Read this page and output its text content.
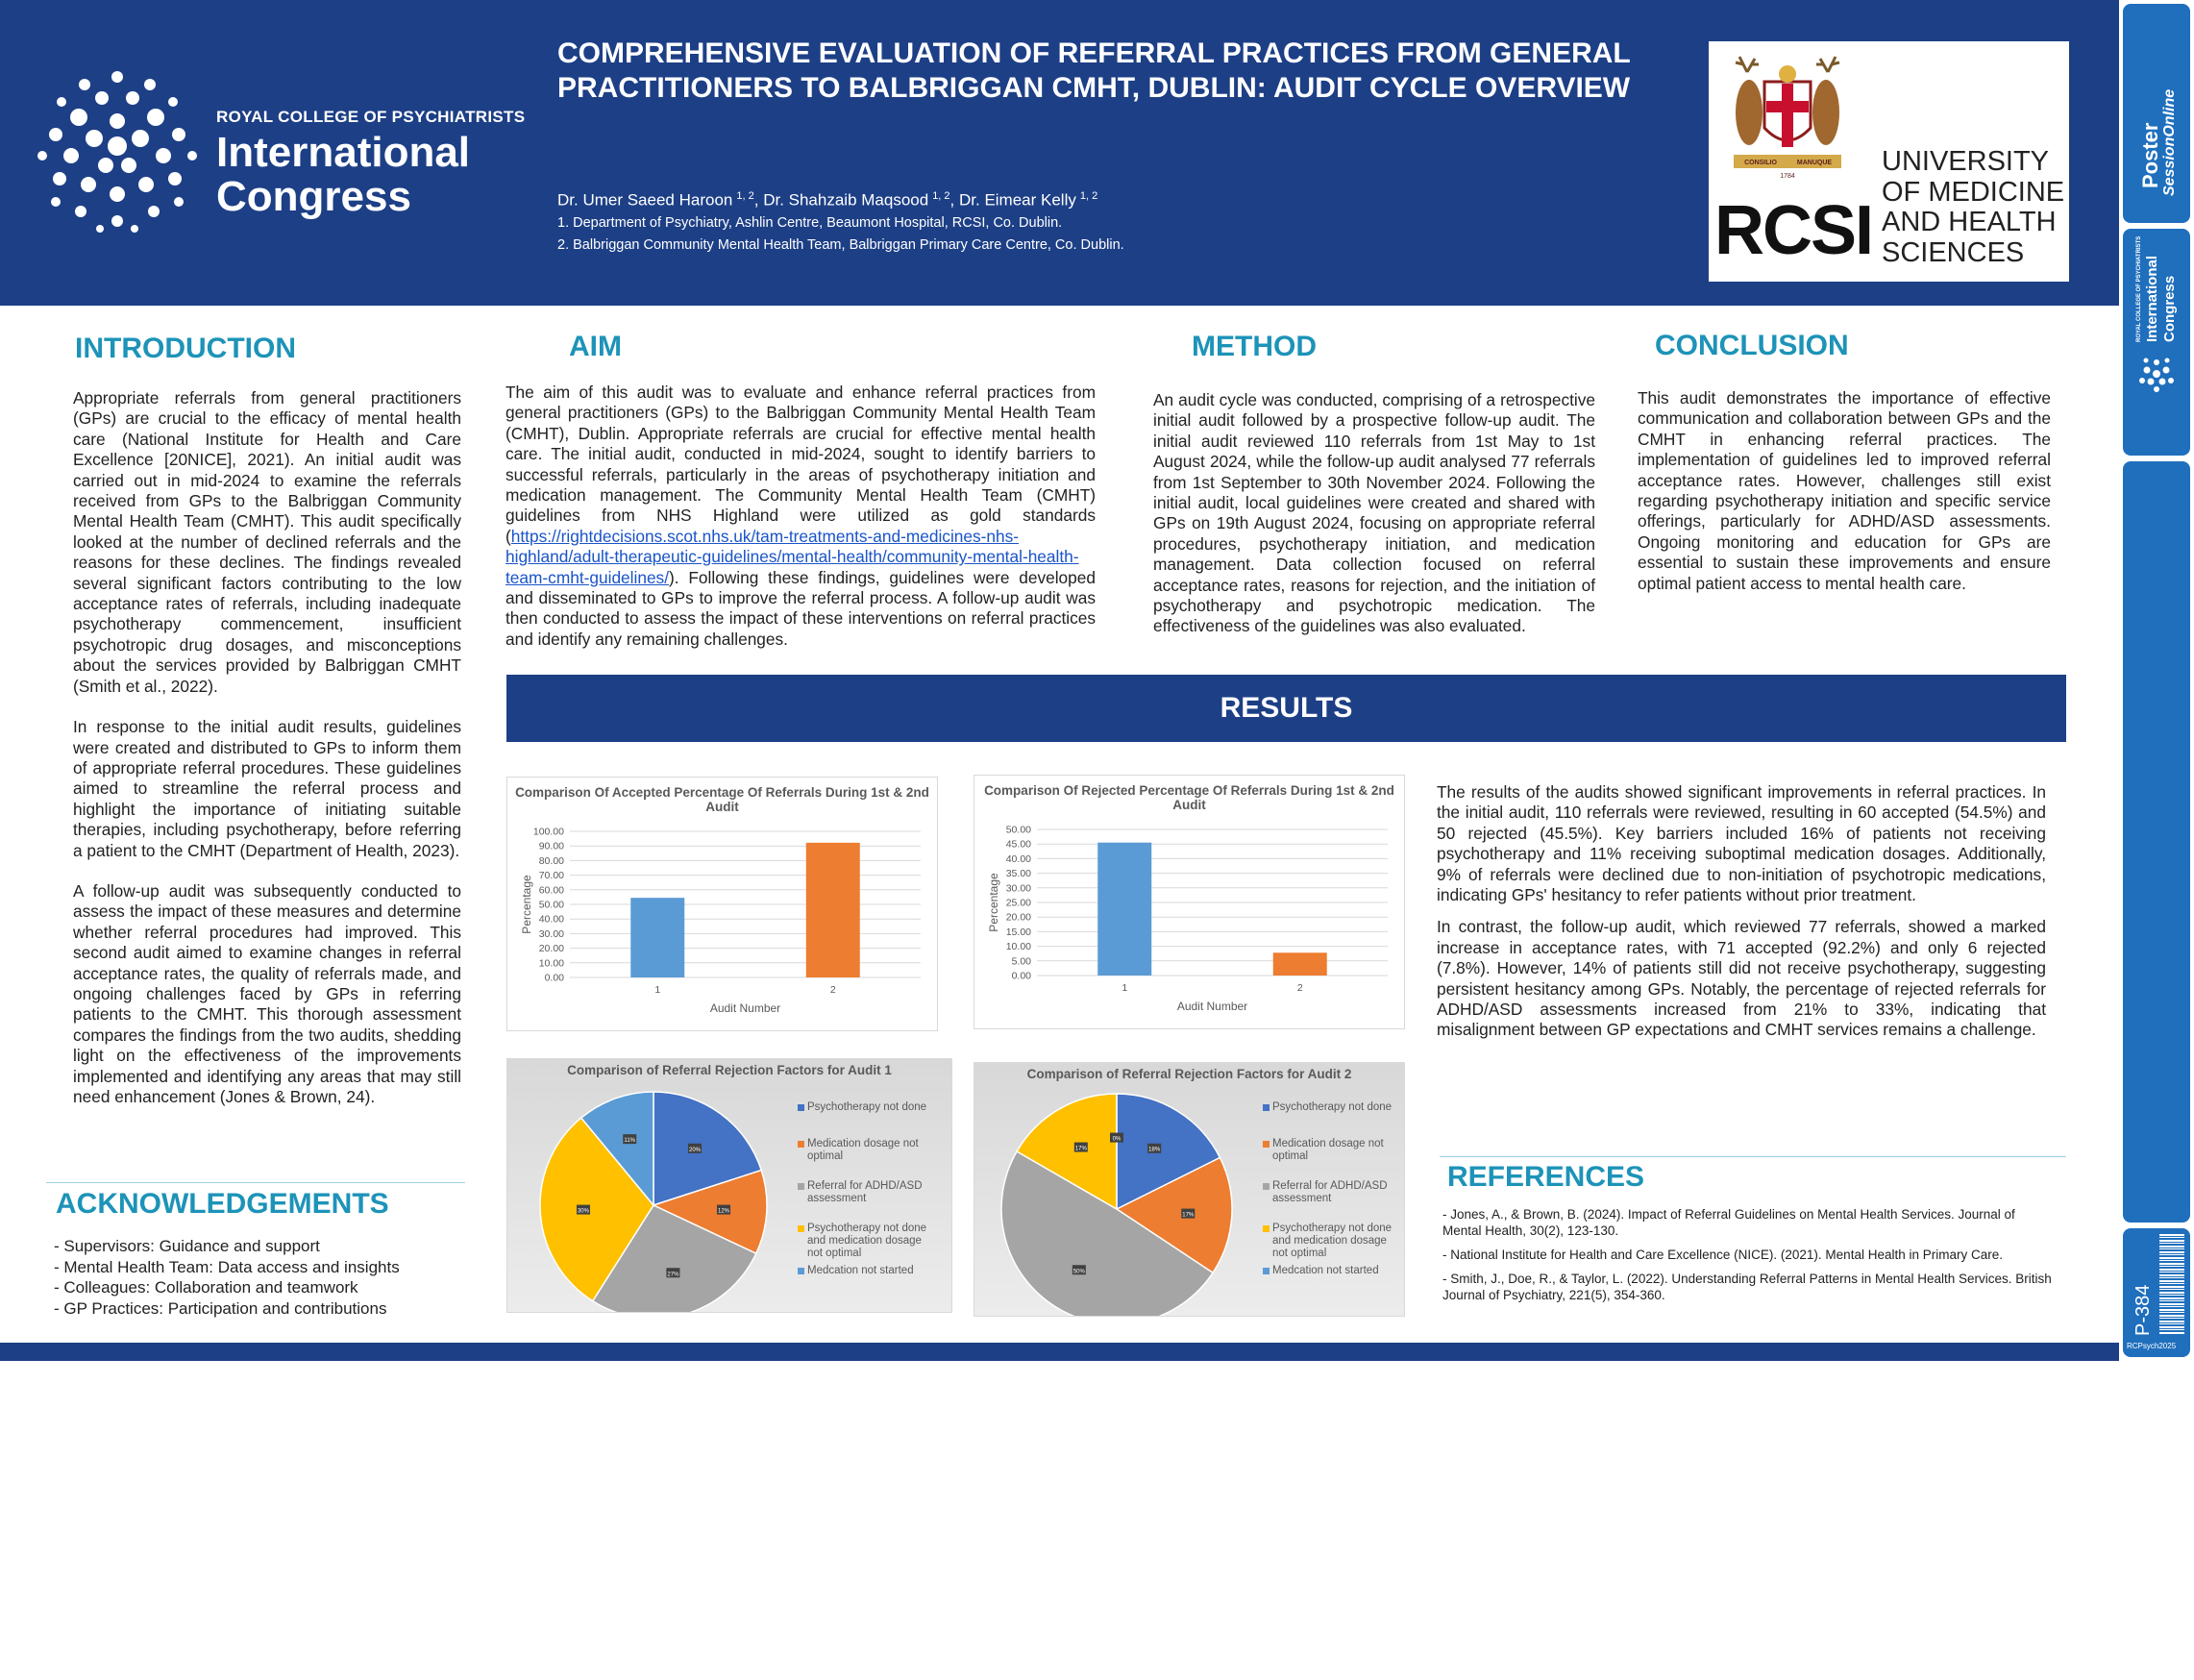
ROYAL COLLEGE OF PSYCHIATRISTS
International
Congress
COMPREHENSIVE EVALUATION OF REFERRAL PRACTICES FROM GENERAL PRACTITIONERS TO BALBRIGGAN CMHT, DUBLIN: AUDIT CYCLE OVERVIEW
Dr. Umer Saeed Haroon $^{1, 2}$, Dr. Shahzaib Maqsood $^{1, 2}$, Dr. Eimear Kelly $^{1, 2}$
1. Department of Psychiatry, Ashlin Centre, Beaumont Hospital, RCSI, Co. Dublin.
2. Balbriggan Community Mental Health Team, Balbriggan Primary Care Centre, Co. Dublin.
CONSILIO	MANUQUE
1784
RCSI
UNIVERSITY
OF MEDICINE
AND HEALTH
SCIENCES
Poster SessionOnline
ROYAL COLLEGE OF PSYCHIATRISTS International Congress
5 Audit Saeed Haroon Umer
P-384
RCPsych2025
INTRODUCTION

Appropriate referrals from general practitioners (GPs) are crucial to the efficacy of mental health care (National Institute for Health and Care Excellence [20NICE], 2021). An initial audit was carried out in mid-2024 to examine the referrals received from GPs to the Balbriggan Community Mental Health Team (CMHT). This audit specifically looked at the number of declined referrals and the reasons for these declines. The findings revealed several significant factors contributing to the low acceptance rates of referrals, including inadequate psychotherapy commencement, insufficient psychotropic drug dosages, and misconceptions about the services provided by Balbriggan CMHT (Smith et al., 2022).

In response to the initial audit results, guidelines were created and distributed to GPs to inform them of appropriate referral procedures. These guidelines aimed to streamline the referral process and highlight the importance of initiating suitable therapies, including psychotherapy, before referring a patient to the CMHT (Department of Health, 2023).

A follow-up audit was subsequently conducted to assess the impact of these measures and determine whether referral procedures had improved. This second audit aimed to examine changes in referral acceptance rates, the quality of referrals made, and ongoing challenges faced by GPs in referring patients to the CMHT. This thorough assessment compares the findings from the two audits, shedding light on the effectiveness of the improvements implemented and identifying any areas that may still need enhancement (Jones & Brown, 24).

ACKNOWLEDGEMENTS
- Supervisors: Guidance and support
- Mental Health Team: Data access and insights
- Colleagues: Collaboration and teamwork
- GP Practices: Participation and contributions
AIM
The aim of this audit was to evaluate and enhance referral practices from general practitioners (GPs) to the Balbriggan Community Mental Health Team (CMHT), Dublin. Appropriate referrals are crucial for effective mental health care. The initial audit, conducted in mid-2024, sought to identify barriers to successful referrals, particularly in the areas of psychotherapy initiation and medication management. The Community Mental Health Team (CMHT) guidelines from NHS Highland were utilized as gold standards (https://rightdecisions.scot.nhs.uk/tam-treatments-and-medicines-nhs-highland/adult-therapeutic-guidelines/mental-health/community-mental-health-team-cmht-guidelines/). Following these findings, guidelines were developed and disseminated to GPs to improve the referral process. A follow-up audit was then conducted to assess the impact of these interventions on referral practices and identify any remaining challenges.
METHOD
An audit cycle was conducted, comprising of a retrospective initial audit followed by a prospective follow-up audit. The initial audit reviewed 110 referrals from 1st May to 1st August 2024, while the follow-up audit analysed 77 referrals from 1st September to 30th November 2024. Following the initial audit, local guidelines were created and shared with GPs on 19th August 2024, focusing on appropriate referral procedures, psychotherapy initiation, and medication management. Data collection focused on referral acceptance rates, reasons for rejection, and the initiation of psychotherapy and psychotropic medication. The effectiveness of the guidelines was also evaluated.
CONCLUSION
This audit demonstrates the importance of effective communication and collaboration between GPs and the CMHT in enhancing referral practices. The implementation of guidelines led to improved referral acceptance rates. However, challenges still exist regarding psychotherapy initiation and specific service offerings, particularly for ADHD/ASD assessments. Ongoing monitoring and education for GPs are essential to sustain these improvements and ensure optimal patient access to mental health care.
RESULTS
Comparison Of Accepted Percentage Of Referrals During 1st & 2nd Audit
100.00
90.00
80.00
70.00
60.00
50.00
40.00
30.00
20.00
10.00
0.00
1	2
Audit Number
Percentage
Comparison Of Rejected Percentage Of Referrals During 1st & 2nd Audit
50.00
45.00
40.00
35.00
30.00
25.00
20.00
15.00
10.00
5.00
0.00
1	2
Audit Number
Percentage
Comparison of Referral Rejection Factors for Audit 1
20%
12%
27%
30%
11%
Psychotherapy not done
Medication dosage not optimal
Referral for ADHD/ASD assessment
Psychotherapy not done and medication dosage not optimal
Medcation not started
Comparison of Referral Rejection Factors for Audit 2
18%
17%
50%
17%
0%
Psychotherapy not done
Medication dosage not optimal
Referral for ADHD/ASD assessment
Psychotherapy not done and medication dosage not optimal
Medcation not started

The results of the audits showed significant improvements in referral practices. In the initial audit, 110 referrals were reviewed, resulting in 60 accepted (54.5%) and 50 rejected (45.5%). Key barriers included 16% of patients not receiving psychotherapy and 11% receiving suboptimal medication dosages. Additionally, 9% of referrals were declined due to non-initiation of psychotropic medications, indicating GPs' hesitancy to refer patients without prior treatment.

In contrast, the follow-up audit, which reviewed 77 referrals, showed a marked increase in acceptance rates, with 71 accepted (92.2%) and only 6 rejected (7.8%). However, 14% of patients still did not receive psychotherapy, suggesting persistent hesitancy among GPs. Notably, the percentage of rejected referrals for ADHD/ASD assessments increased from 21% to 33%, indicating that misalignment between GP expectations and CMHT services remains a challenge.

REFERENCES
- Jones, A., & Brown, B. (2024). Impact of Referral Guidelines on Mental Health Services. Journal of Mental Health, 30(2), 123-130.
- National Institute for Health and Care Excellence (NICE). (2021). Mental Health in Primary Care.
- Smith, J., Doe, R., & Taylor, L. (2022). Understanding Referral Patterns in Mental Health Services. British Journal of Psychiatry, 221(5), 354-360.
